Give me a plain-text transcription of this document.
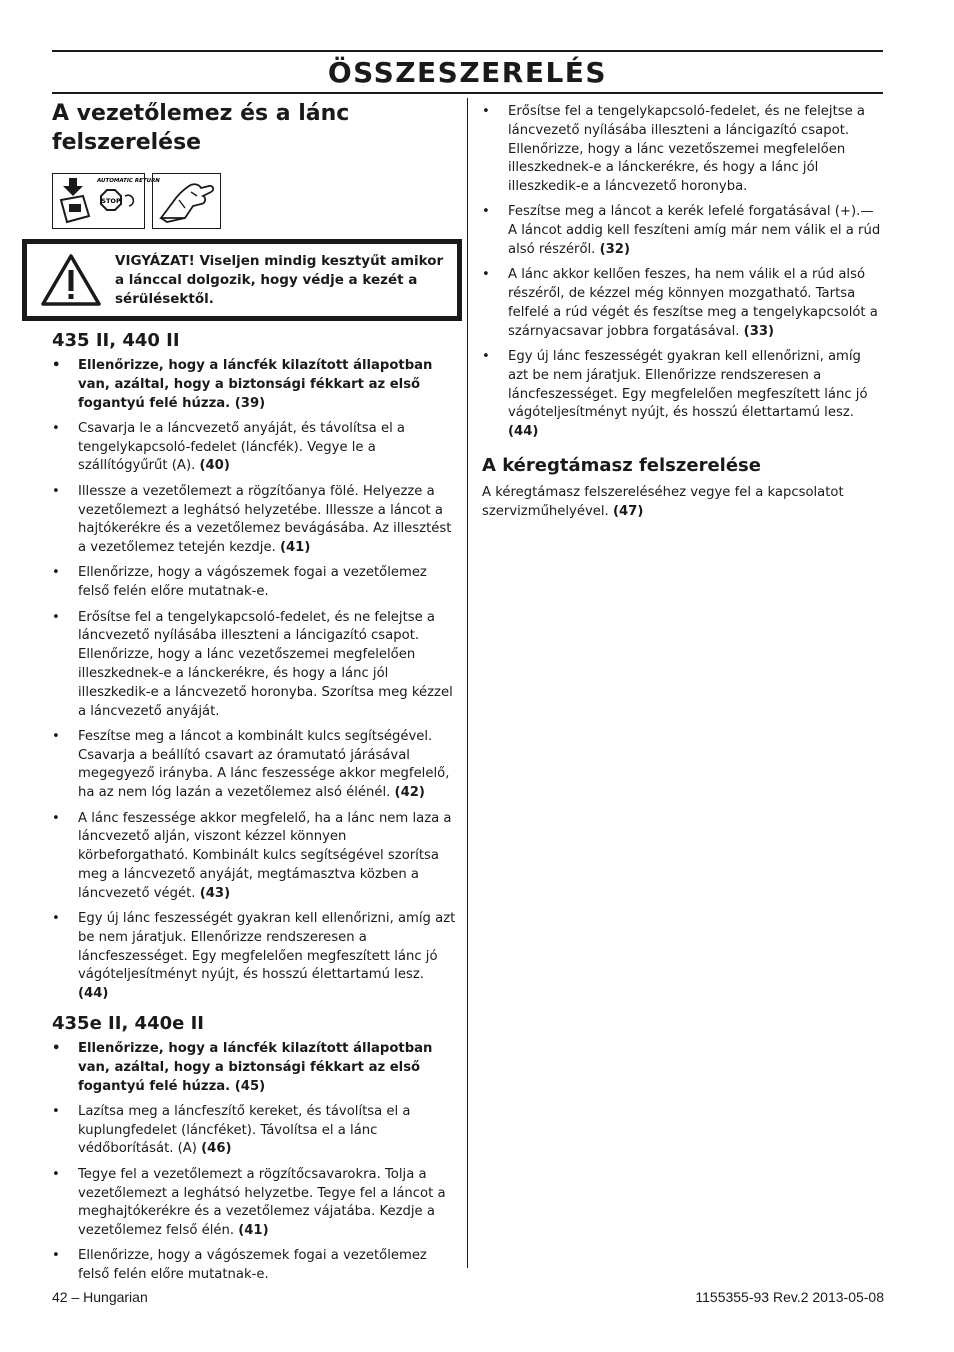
ÖSSZESZERELÉS
A vezetőlemez és a lánc felszerelése
AUTOMATIC RETURN
STOP
VIGYÁZAT! Viseljen mindig kesztyűt amikor a lánccal dolgozik, hogy védje a kezét a sérülésektől.
435 II, 440 II
• Ellenőrizze, hogy a láncfék kilazított állapotban van, azáltal, hogy a biztonsági fékkart az első fogantyú felé húzza. (39)
• Csavarja le a láncvezető anyáját, és távolítsa el a tengelykapcsoló-fedelet (láncfék). Vegye le a szállítógyűrűt (A). (40)
• Illessze a vezetőlemezt a rögzítőanya fölé. Helyezze a vezetőlemezt a leghátsó helyzetébe. Illessze a láncot a hajtókerékre és a vezetőlemez bevágásába. Az illesztést a vezetőlemez tetején kezdje. (41)
• Ellenőrizze, hogy a vágószemek fogai a vezetőlemez felső felén előre mutatnak-e.
• Erősítse fel a tengelykapcsoló-fedelet, és ne felejtse a láncvezető nyílásába illeszteni a láncigazító csapot. Ellenőrizze, hogy a lánc vezetőszemei megfelelően illeszkednek-e a lánckerékre, és hogy a lánc jól illeszkedik-e a láncvezető horonyba. Szorítsa meg kézzel a láncvezető anyáját.
• Feszítse meg a láncot a kombinált kulcs segítségével. Csavarja a beállító csavart az óramutató járásával megegyező irányba. A lánc feszessége akkor megfelelő, ha az nem lóg lazán a vezetőlemez alsó élénél. (42)
• A lánc feszessége akkor megfelelő, ha a lánc nem laza a láncvezető alján, viszont kézzel könnyen körbeforgatható. Kombinált kulcs segítségével szorítsa meg a láncvezető anyáját, megtámasztva közben a láncvezető végét. (43)
• Egy új lánc feszességét gyakran kell ellenőrizni, amíg azt be nem járatjuk. Ellenőrizze rendszeresen a láncfeszességet. Egy megfelelően megfeszített lánc jó vágóteljesítményt nyújt, és hosszú élettartamú lesz. (44)
435e II, 440e II
• Ellenőrizze, hogy a láncfék kilazított állapotban van, azáltal, hogy a biztonsági fékkart az első fogantyú felé húzza. (45)
• Lazítsa meg a láncfeszítő kereket, és távolítsa el a kuplungfedelet (láncféket). Távolítsa el a lánc védőborítását. (A) (46)
• Tegye fel a vezetőlemezt a rögzítőcsavarokra. Tolja a vezetőlemezt a leghátsó helyzetbe. Tegye fel a láncot a meghajtókerékre és a vezetőlemez vájatába. Kezdje a vezetőlemez felső élén. (41)
• Ellenőrizze, hogy a vágószemek fogai a vezetőlemez felső felén előre mutatnak-e.
• Erősítse fel a tengelykapcsoló-fedelet, és ne felejtse a láncvezető nyílásába illeszteni a láncigazító csapot. Ellenőrizze, hogy a lánc vezetőszemei megfelelően illeszkednek-e a lánckerékre, és hogy a lánc jól illeszkedik-e a láncvezető horonyba.
• Feszítse meg a láncot a kerék lefelé forgatásával (+).— A láncot addig kell feszíteni amíg már nem válik el a rúd alsó részéről. (32)
• A lánc akkor kellően feszes, ha nem válik el a rúd alsó részéről, de kézzel még könnyen mozgatható. Tartsa felfelé a rúd végét és feszítse meg a tengelykapcsolót a szárnyacsavar jobbra forgatásával. (33)
• Egy új lánc feszességét gyakran kell ellenőrizni, amíg azt be nem járatjuk. Ellenőrizze rendszeresen a láncfeszességet. Egy megfelelően megfeszített lánc jó vágóteljesítményt nyújt, és hosszú élettartamú lesz. (44)
A kéregtámasz felszerelése

A kéregtámasz felszereléséhez vegye fel a kapcsolatot szervizműhelyével. (47)

42 – Hungarian	1155355-93 Rev.2 2013-05-08
